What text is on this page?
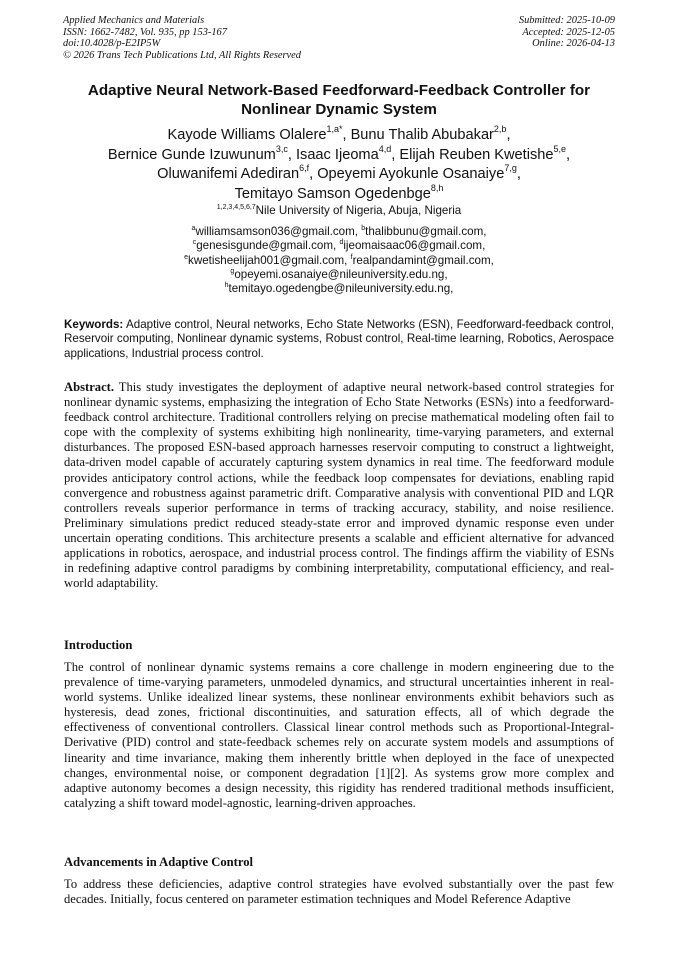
Applied Mechanics and Materials
ISSN: 1662-7482, Vol. 935, pp 153-167
doi:10.4028/p-E2IP5W
© 2026 Trans Tech Publications Ltd, All Rights Reserved
Submitted: 2025-10-09
Accepted: 2025-12-05
Online: 2026-04-13
Adaptive Neural Network-Based Feedforward-Feedback Controller for
Nonlinear Dynamic System
Kayode Williams Olalere$^{1,a*}$, Bunu Thalib Abubakar$^{2,b}$,
Bernice Gunde Izuwunum$^{3,c}$, Isaac Ijeoma$^{4,d}$, Elijah Reuben Kwetishe$^{5,e}$,
Oluwanifemi Adediran$^{6,f}$, Opeyemi Ayokunle Osanaiye$^{7,g}$,
Temitayo Samson Ogedenbge$^{8,h}$
$^{1,2,3,4,5,6,7}$Nile University of Nigeria, Abuja, Nigeria
$^a$williamsamson036@gmail.com, $^b$thalibbunu@gmail.com,
$^c$genesisgunde@gmail.com, $^d$ijeomaisaac06@gmail.com,
$^e$kwetisheelijah001@gmail.com, $^f$realpandamint@gmail.com,
$^g$opeyemi.osanaiye@nileuniversity.edu.ng,
$^h$temitayo.ogedengbe@nileuniversity.edu.ng,
Keywords: Adaptive control, Neural networks, Echo State Networks (ESN), Feedforward-feedback control, Reservoir computing, Nonlinear dynamic systems, Robust control, Real-time learning, Robotics, Aerospace applications, Industrial process control.
Abstract. This study investigates the deployment of adaptive neural network-based control strategies for nonlinear dynamic systems, emphasizing the integration of Echo State Networks (ESNs) into a feedforward-feedback control architecture. Traditional controllers relying on precise mathematical modeling often fail to cope with the complexity of systems exhibiting high nonlinearity, time-varying parameters, and external disturbances. The proposed ESN-based approach harnesses reservoir computing to construct a lightweight, data-driven model capable of accurately capturing system dynamics in real time. The feedforward module provides anticipatory control actions, while the feedback loop compensates for deviations, enabling rapid convergence and robustness against parametric drift. Comparative analysis with conventional PID and LQR controllers reveals superior performance in terms of tracking accuracy, stability, and noise resilience. Preliminary simulations predict reduced steady-state error and improved dynamic response even under uncertain operating conditions. This architecture presents a scalable and efficient alternative for advanced applications in robotics, aerospace, and industrial process control. The findings affirm the viability of ESNs in redefining adaptive control paradigms by combining interpretability, computational efficiency, and real-world adaptability.
Introduction
The control of nonlinear dynamic systems remains a core challenge in modern engineering due to the prevalence of time-varying parameters, unmodeled dynamics, and structural uncertainties inherent in real-world systems. Unlike idealized linear systems, these nonlinear environments exhibit behaviors such as hysteresis, dead zones, frictional discontinuities, and saturation effects, all of which degrade the effectiveness of conventional controllers. Classical linear control methods such as Proportional-Integral-Derivative (PID) control and state-feedback schemes rely on accurate system models and assumptions of linearity and time invariance, making them inherently brittle when deployed in the face of unexpected changes, environmental noise, or component degradation [1][2]. As systems grow more complex and adaptive autonomy becomes a design necessity, this rigidity has rendered traditional methods insufficient, catalyzing a shift toward model-agnostic, learning-driven approaches.
Advancements in Adaptive Control
To address these deficiencies, adaptive control strategies have evolved substantially over the past few decades. Initially, focus centered on parameter estimation techniques and Model Reference Adaptive
